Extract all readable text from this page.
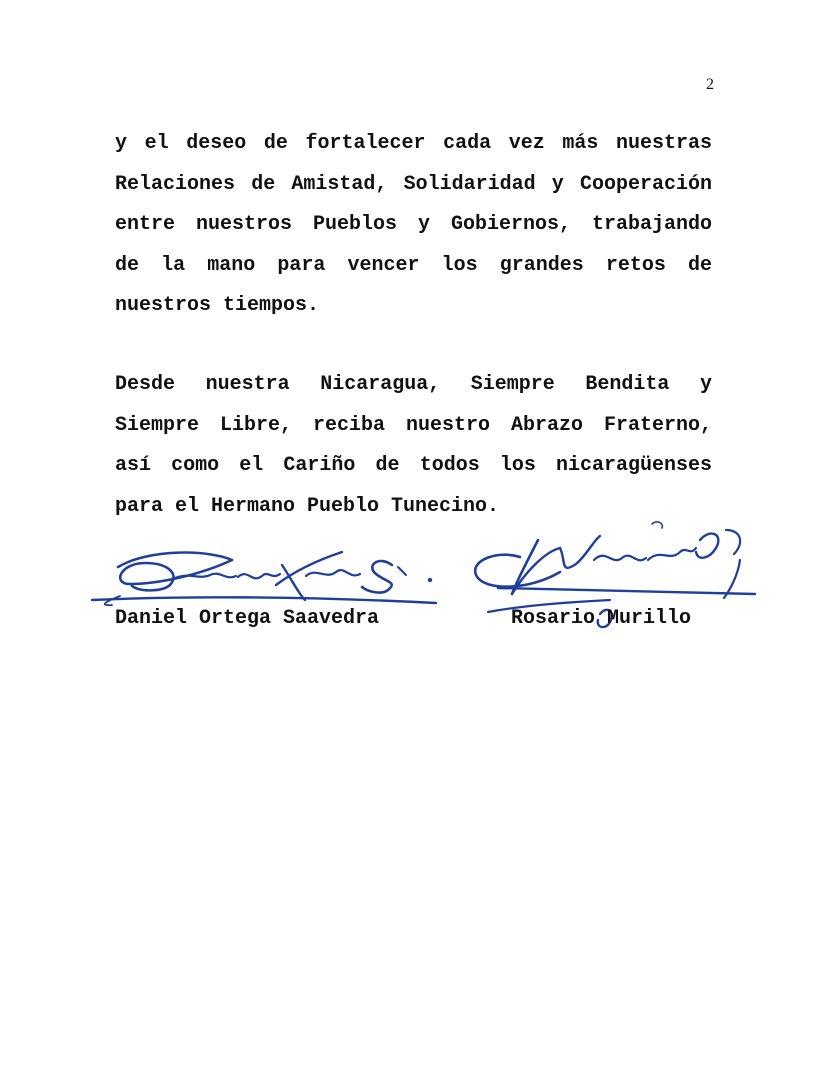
2
y el deseo de fortalecer cada vez más nuestras
Relaciones de Amistad, Solidaridad y Cooperación
entre nuestros Pueblos y Gobiernos, trabajando
de la mano para vencer los grandes retos de
nuestros tiempos.
Desde nuestra Nicaragua, Siempre Bendita y
Siempre Libre, reciba nuestro Abrazo Fraterno,
así como el Cariño de todos los nicaragüenses
para el Hermano Pueblo Tunecino.
Daniel Ortega Saavedra	Rosario Murillo
